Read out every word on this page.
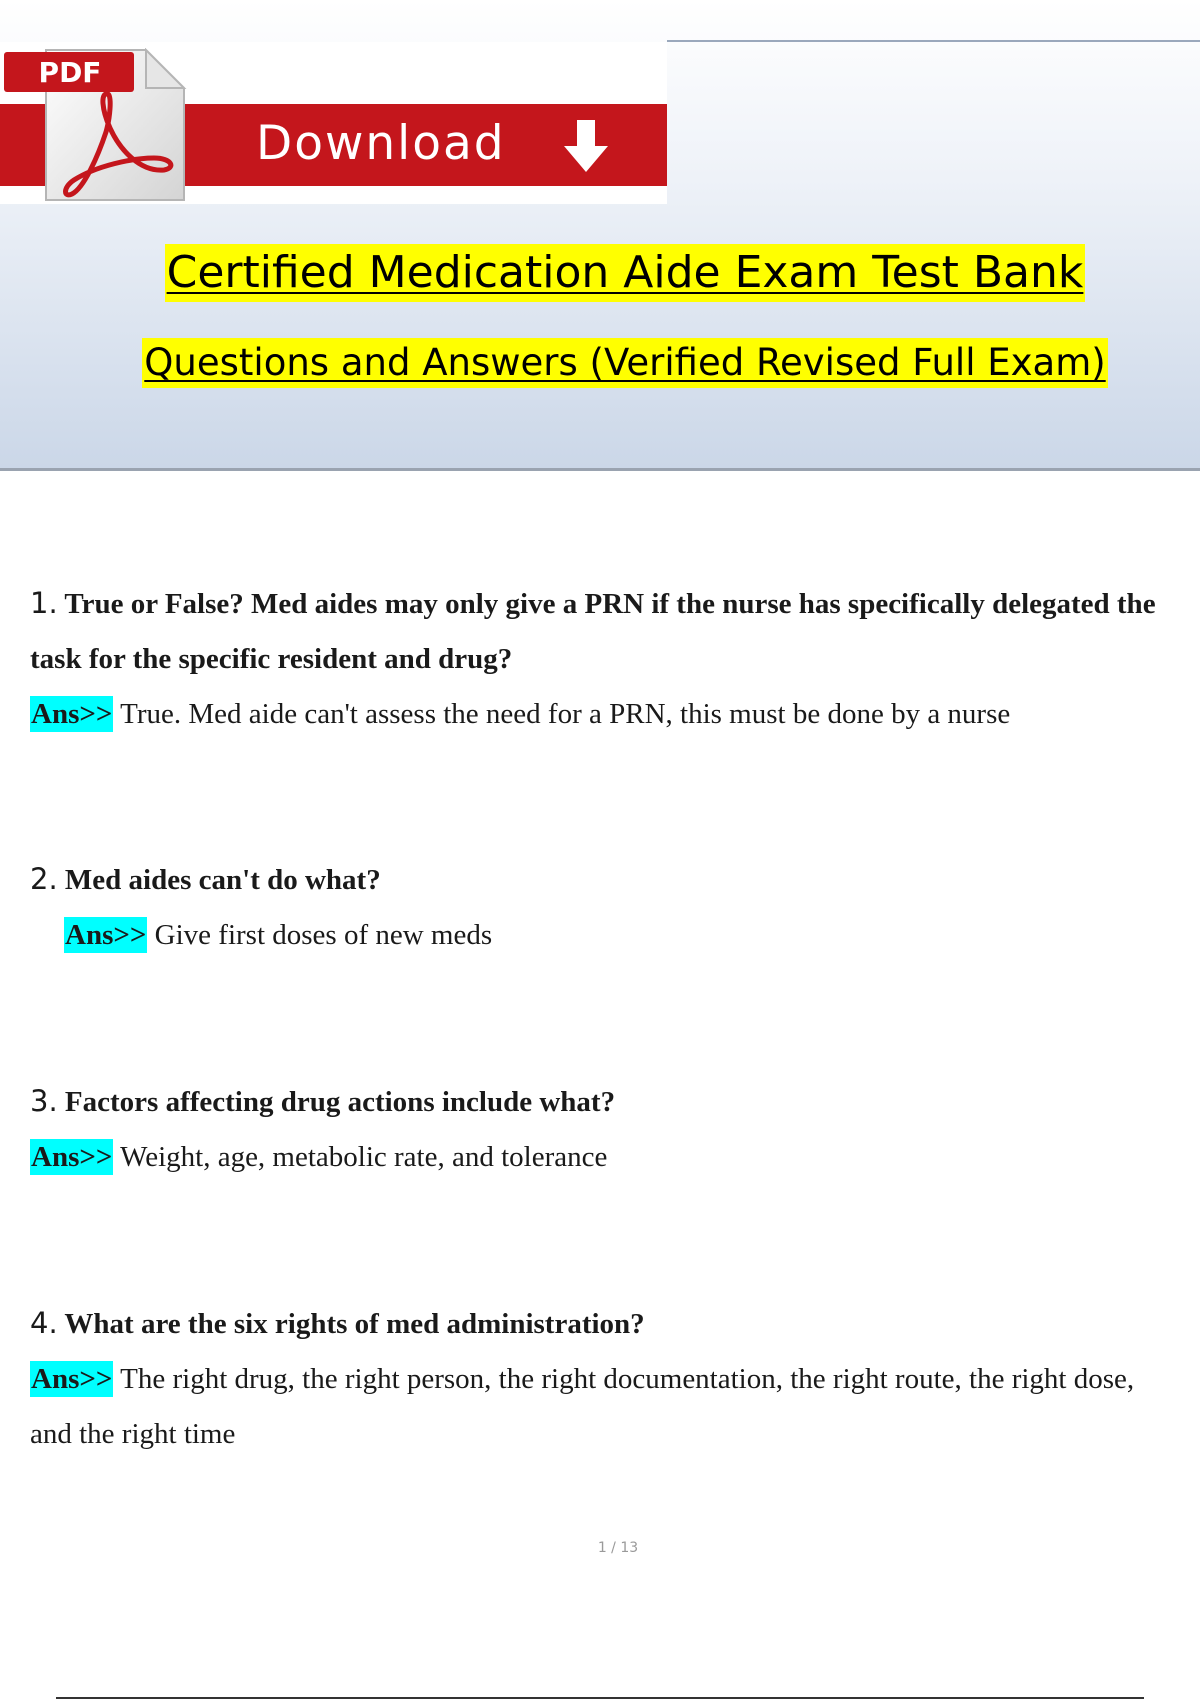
Download
PDF
Certified Medication Aide Exam Test Bank
Questions and Answers (Verified Revised Full Exam)

1. True or False? Med aides may only give a PRN if the nurse has specifically delegated the task for the specific resident and drug?

Ans>> True. Med aide can't assess the need for a PRN, this must be done by a nurse

2. Med aides can't do what?

Ans>> Give first doses of new meds

3. Factors affecting drug actions include what?

Ans>> Weight, age, metabolic rate, and tolerance

4. What are the six rights of med administration?

Ans>> The right drug, the right person, the right documentation, the right route, the right dose, and the right time

1 / 13
